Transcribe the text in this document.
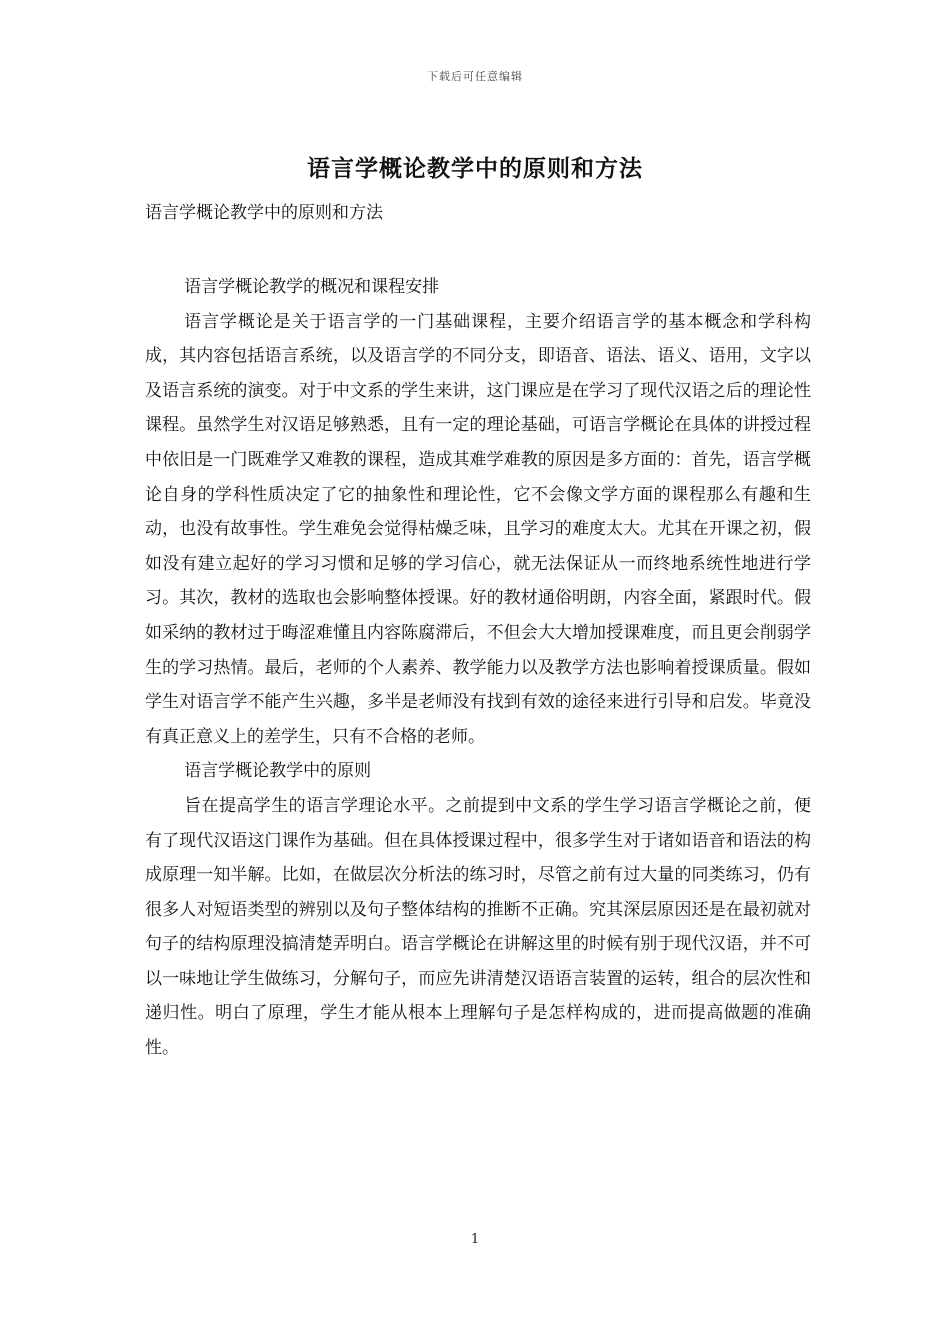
下载后可任意编辑
语言学概论教学中的原则和方法
语言学概论教学中的原则和方法

语言学概论教学的概况和课程安排

语言学概论是关于语言学的一门基础课程，主要介绍语言学的基本概念和学科构成，其内容包括语言系统，以及语言学的不同分支，即语音、语法、语义、语用，文字以及语言系统的演变。对于中文系的学生来讲，这门课应是在学习了现代汉语之后的理论性课程。虽然学生对汉语足够熟悉，且有一定的理论基础，可语言学概论在具体的讲授过程中依旧是一门既难学又难教的课程，造成其难学难教的原因是多方面的：首先，语言学概论自身的学科性质决定了它的抽象性和理论性，它不会像文学方面的课程那么有趣和生动，也没有故事性。学生难免会觉得枯燥乏味，且学习的难度太大。尤其在开课之初，假如没有建立起好的学习习惯和足够的学习信心，就无法保证从一而终地系统性地进行学习。其次，教材的选取也会影响整体授课。好的教材通俗明朗，内容全面，紧跟时代。假如采纳的教材过于晦涩难懂且内容陈腐滞后，不但会大大增加授课难度，而且更会削弱学生的学习热情。最后，老师的个人素养、教学能力以及教学方法也影响着授课质量。假如学生对语言学不能产生兴趣，多半是老师没有找到有效的途径来进行引导和启发。毕竟没有真正意义上的差学生，只有不合格的老师。

语言学概论教学中的原则

旨在提高学生的语言学理论水平。之前提到中文系的学生学习语言学概论之前，便有了现代汉语这门课作为基础。但在具体授课过程中，很多学生对于诸如语音和语法的构成原理一知半解。比如，在做层次分析法的练习时，尽管之前有过大量的同类练习，仍有很多人对短语类型的辨别以及句子整体结构的推断不正确。究其深层原因还是在最初就对句子的结构原理没搞清楚弄明白。语言学概论在讲解这里的时候有别于现代汉语，并不可以一味地让学生做练习，分解句子，而应先讲清楚汉语语言装置的运转，组合的层次性和递归性。明白了原理，学生才能从根本上理解句子是怎样构成的，进而提高做题的准确性。

1
